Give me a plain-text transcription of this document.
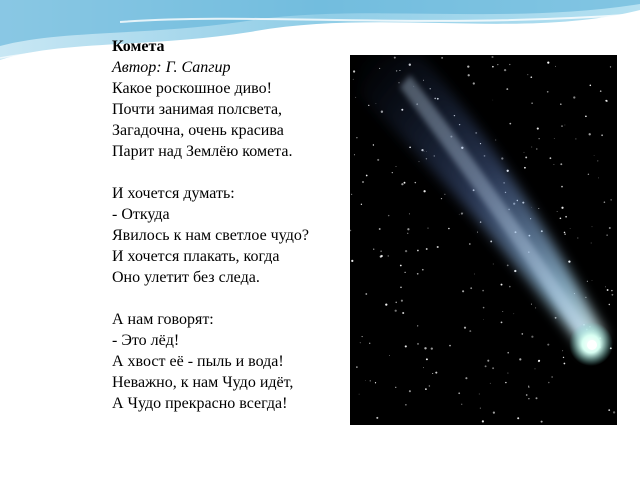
Комета
Автор: Г. Сапгир
Какое роскошное диво!
Почти занимая полсвета,
Загадочна, очень красива
Парит над Землёю комета.
И хочется думать:
- Откуда
Явилось к нам светлое чудо?
И хочется плакать, когда
Оно улетит без следа.
А нам говорят:
- Это лёд!
А хвост её - пыль и вода!
Неважно, к нам Чудо идёт,
А Чудо прекрасно всегда!
